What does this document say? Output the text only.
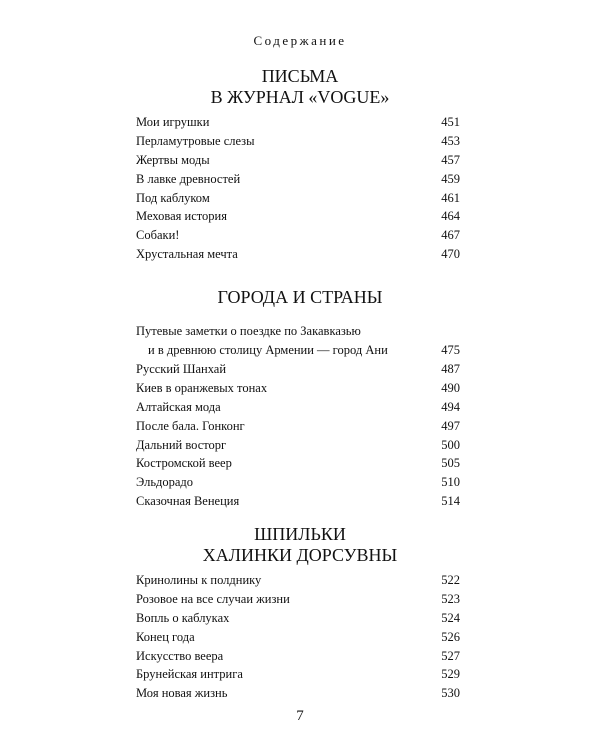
Содержание
ПИСЬМА
В ЖУРНАЛ «VOGUE»
Мои игрушки	451
Перламутровые слезы	453
Жертвы моды	457
В лавке древностей	459
Под каблуком	461
Меховая история	464
Собаки!	467
Хрустальная мечта	470
ГОРОДА И СТРАНЫ
Путевые заметки о поездке по Закавказью
и в древнюю столицу Армении — город Ани	475
Русский Шанхай	487
Киев в оранжевых тонах	490
Алтайская мода	494
После бала. Гонконг	497
Дальний восторг	500
Костромской веер	505
Эльдорадо	510
Сказочная Венеция	514
ШПИЛЬКИ
ХАЛИНКИ ДОРСУВНЫ
Кринолины к полднику	522
Розовое на все случаи жизни	523
Вопль о каблуках	524
Конец года	526
Искусство веера	527
Брунейская интрига	529
Моя новая жизнь	530
7
